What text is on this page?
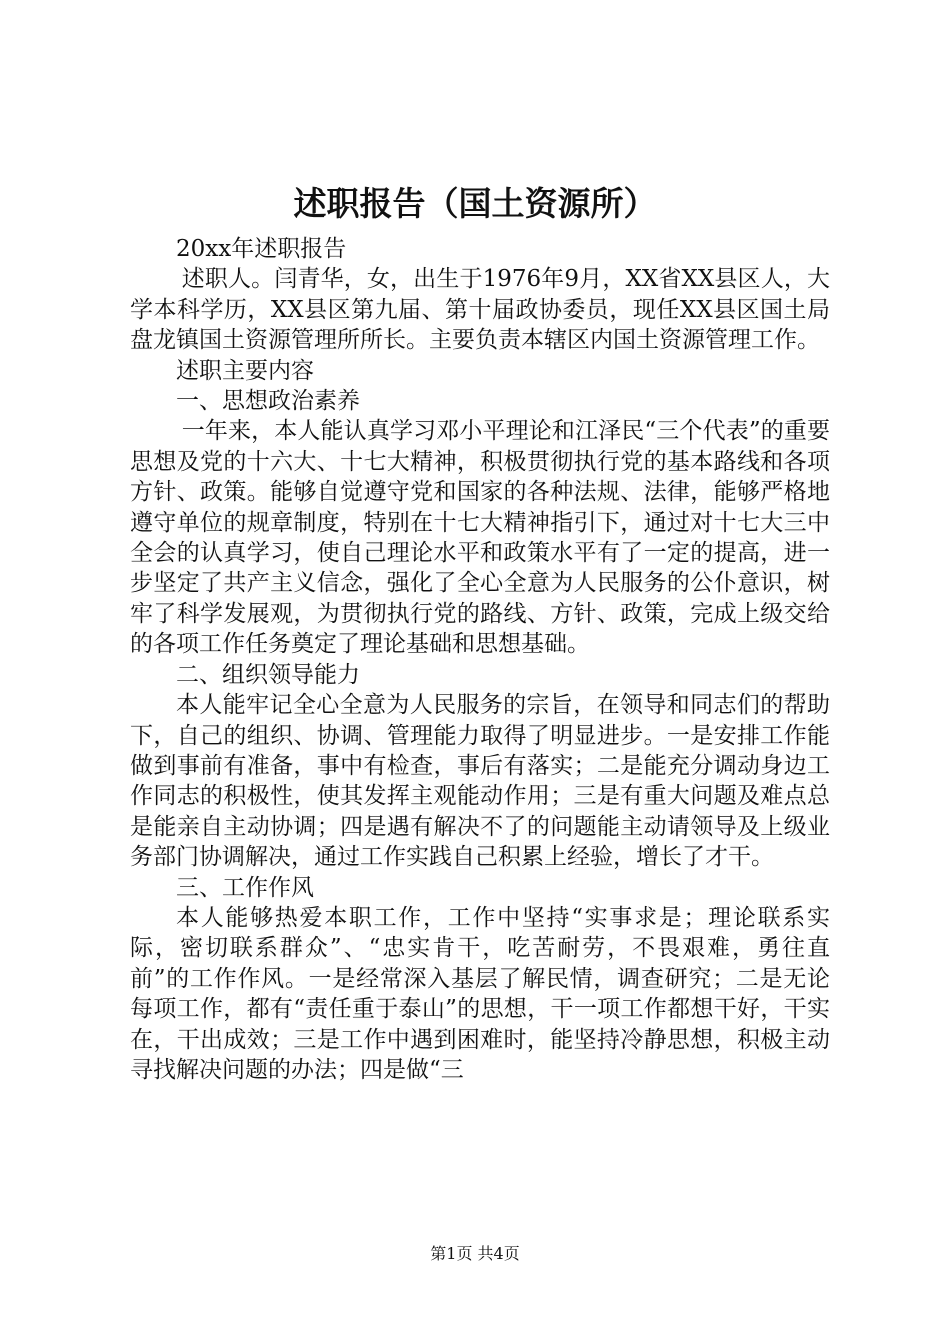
述职报告（国土资源所）

20xx年述职报告

述职人。闫青华，女，出生于1976年9月，XX省XX县区人，大学本科学历，XX县区第九届、第十届政协委员，现任XX县区国土局盘龙镇国土资源管理所所长。主要负责本辖区内国土资源管理工作。

述职主要内容

一、思想政治素养

一年来，本人能认真学习邓小平理论和江泽民“三个代表”的重要思想及党的十六大、十七大精神，积极贯彻执行党的基本路线和各项方针、政策。能够自觉遵守党和国家的各种法规、法律，能够严格地遵守单位的规章制度，特别在十七大精神指引下，通过对十七大三中全会的认真学习，使自己理论水平和政策水平有了一定的提高，进一步坚定了共产主义信念，强化了全心全意为人民服务的公仆意识，树牢了科学发展观，为贯彻执行党的路线、方针、政策，完成上级交给的各项工作任务奠定了理论基础和思想基础。

二、组织领导能力

本人能牢记全心全意为人民服务的宗旨，在领导和同志们的帮助下，自己的组织、协调、管理能力取得了明显进步。一是安排工作能做到事前有准备，事中有检查，事后有落实；二是能充分调动身边工作同志的积极性，使其发挥主观能动作用；三是有重大问题及难点总是能亲自主动协调；四是遇有解决不了的问题能主动请领导及上级业务部门协调解决，通过工作实践自己积累上经验，增长了才干。

三、工作作风

本人能够热爱本职工作，工作中坚持“实事求是；理论联系实际，密切联系群众”、“忠实肯干，吃苦耐劳，不畏艰难，勇往直前”的工作作风。一是经常深入基层了解民情，调查研究；二是无论每项工作，都有“责任重于泰山”的思想，干一项工作都想干好，干实在，干出成效；三是工作中遇到困难时，能坚持冷静思想，积极主动寻找解决问题的办法；四是做“三

第1页 共4页
